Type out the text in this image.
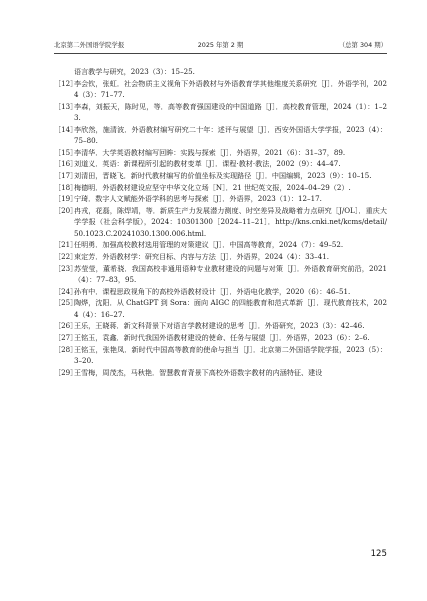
北京第二外国语学院学报	2025 年第 2 期	（总第 304 期）
语言教学与研究，2023（3）：15–25.
［12］
李会钦，张虹．社会物质主义视角下外语教材与外语教育学其他维度关系研究［J］．外语学刊，2024（3）：71–77.
［13］
李森，刘振天，陈时见，等．高等教育强国建设的中国道路［J］．高校教育管理，2024（1）：1–23.
［14］
李欣然，施清波．外语教材编写研究二十年：述评与展望［J］．西安外国语大学学报，2023（4）：75–80.
［15］
李清华．大学英语教材编写回眸：实践与探索［J］．外语界，2021（6）：31–37，89.
［16］
刘道义．英语：新课程所引起的教材变革［J］．课程·教材·教法，2002（9）：44–47.
［17］
刘清田，晋晓飞．新时代教材编写的价值坐标及实现路径［J］．中国编辑，2023（9）：10–15.
［18］
梅德明．外语教材建设应坚守中华文化立场［N］．21 世纪英文报，2024–04–29（2）.
［19］
宁琦．数字人文赋能外语学科的思考与探索［J］．外语界，2023（1）：12–17.
［20］
冉戎，花磊，陈焊靖，等．新质生产力发展潜力测度、时空差异及战略着力点研究［J/OL］．重庆大学学报（社会科学版），2024：10301300［2024–11–21］．http://kns.cnki.net/kcms/detail/50.1023.C.20241030.1300.006.html.
［21］
任明勇．加强高校教材选用管理的对策建议［J］．中国高等教育，2024（7）：49–52.
［22］
束定芳．外语教材学：研究目标、内容与方法［J］．外语界，2024（4）：33–41.
［23］
苏莹莹，董希骁．我国高校非通用语种专业教材建设的问题与对策［J］．外语教育研究前沿，2021（4）：77–83，95.
［24］
孙有中．课程思政视角下的高校外语教材设计［J］．外语电化教学，2020（6）：46–51.
［25］
陶烨，沈阳．从 ChatGPT 到 Sora：面向 AIGC 的四能教育和范式革新［J］．现代教育技术，2024（4）：16–27.
［26］
王乐，王晓蒋．新文科背景下对语言学教材建设的思考［J］．外语研究，2023（3）：42–46.
［27］
王铭玉，袁鑫．新时代我国外语教材建设的使命、任务与展望［J］．外语界，2023（6）：2–6.
［28］
王铭玉，张艳凤．新时代中国高等教育的使命与担当［J］．北京第二外国语学院学报，2023（5）：3–20.
［29］
王雪梅，周茂杰，马秋艳．智慧教育背景下高校外语数字教材的内涵特征、建设
125
